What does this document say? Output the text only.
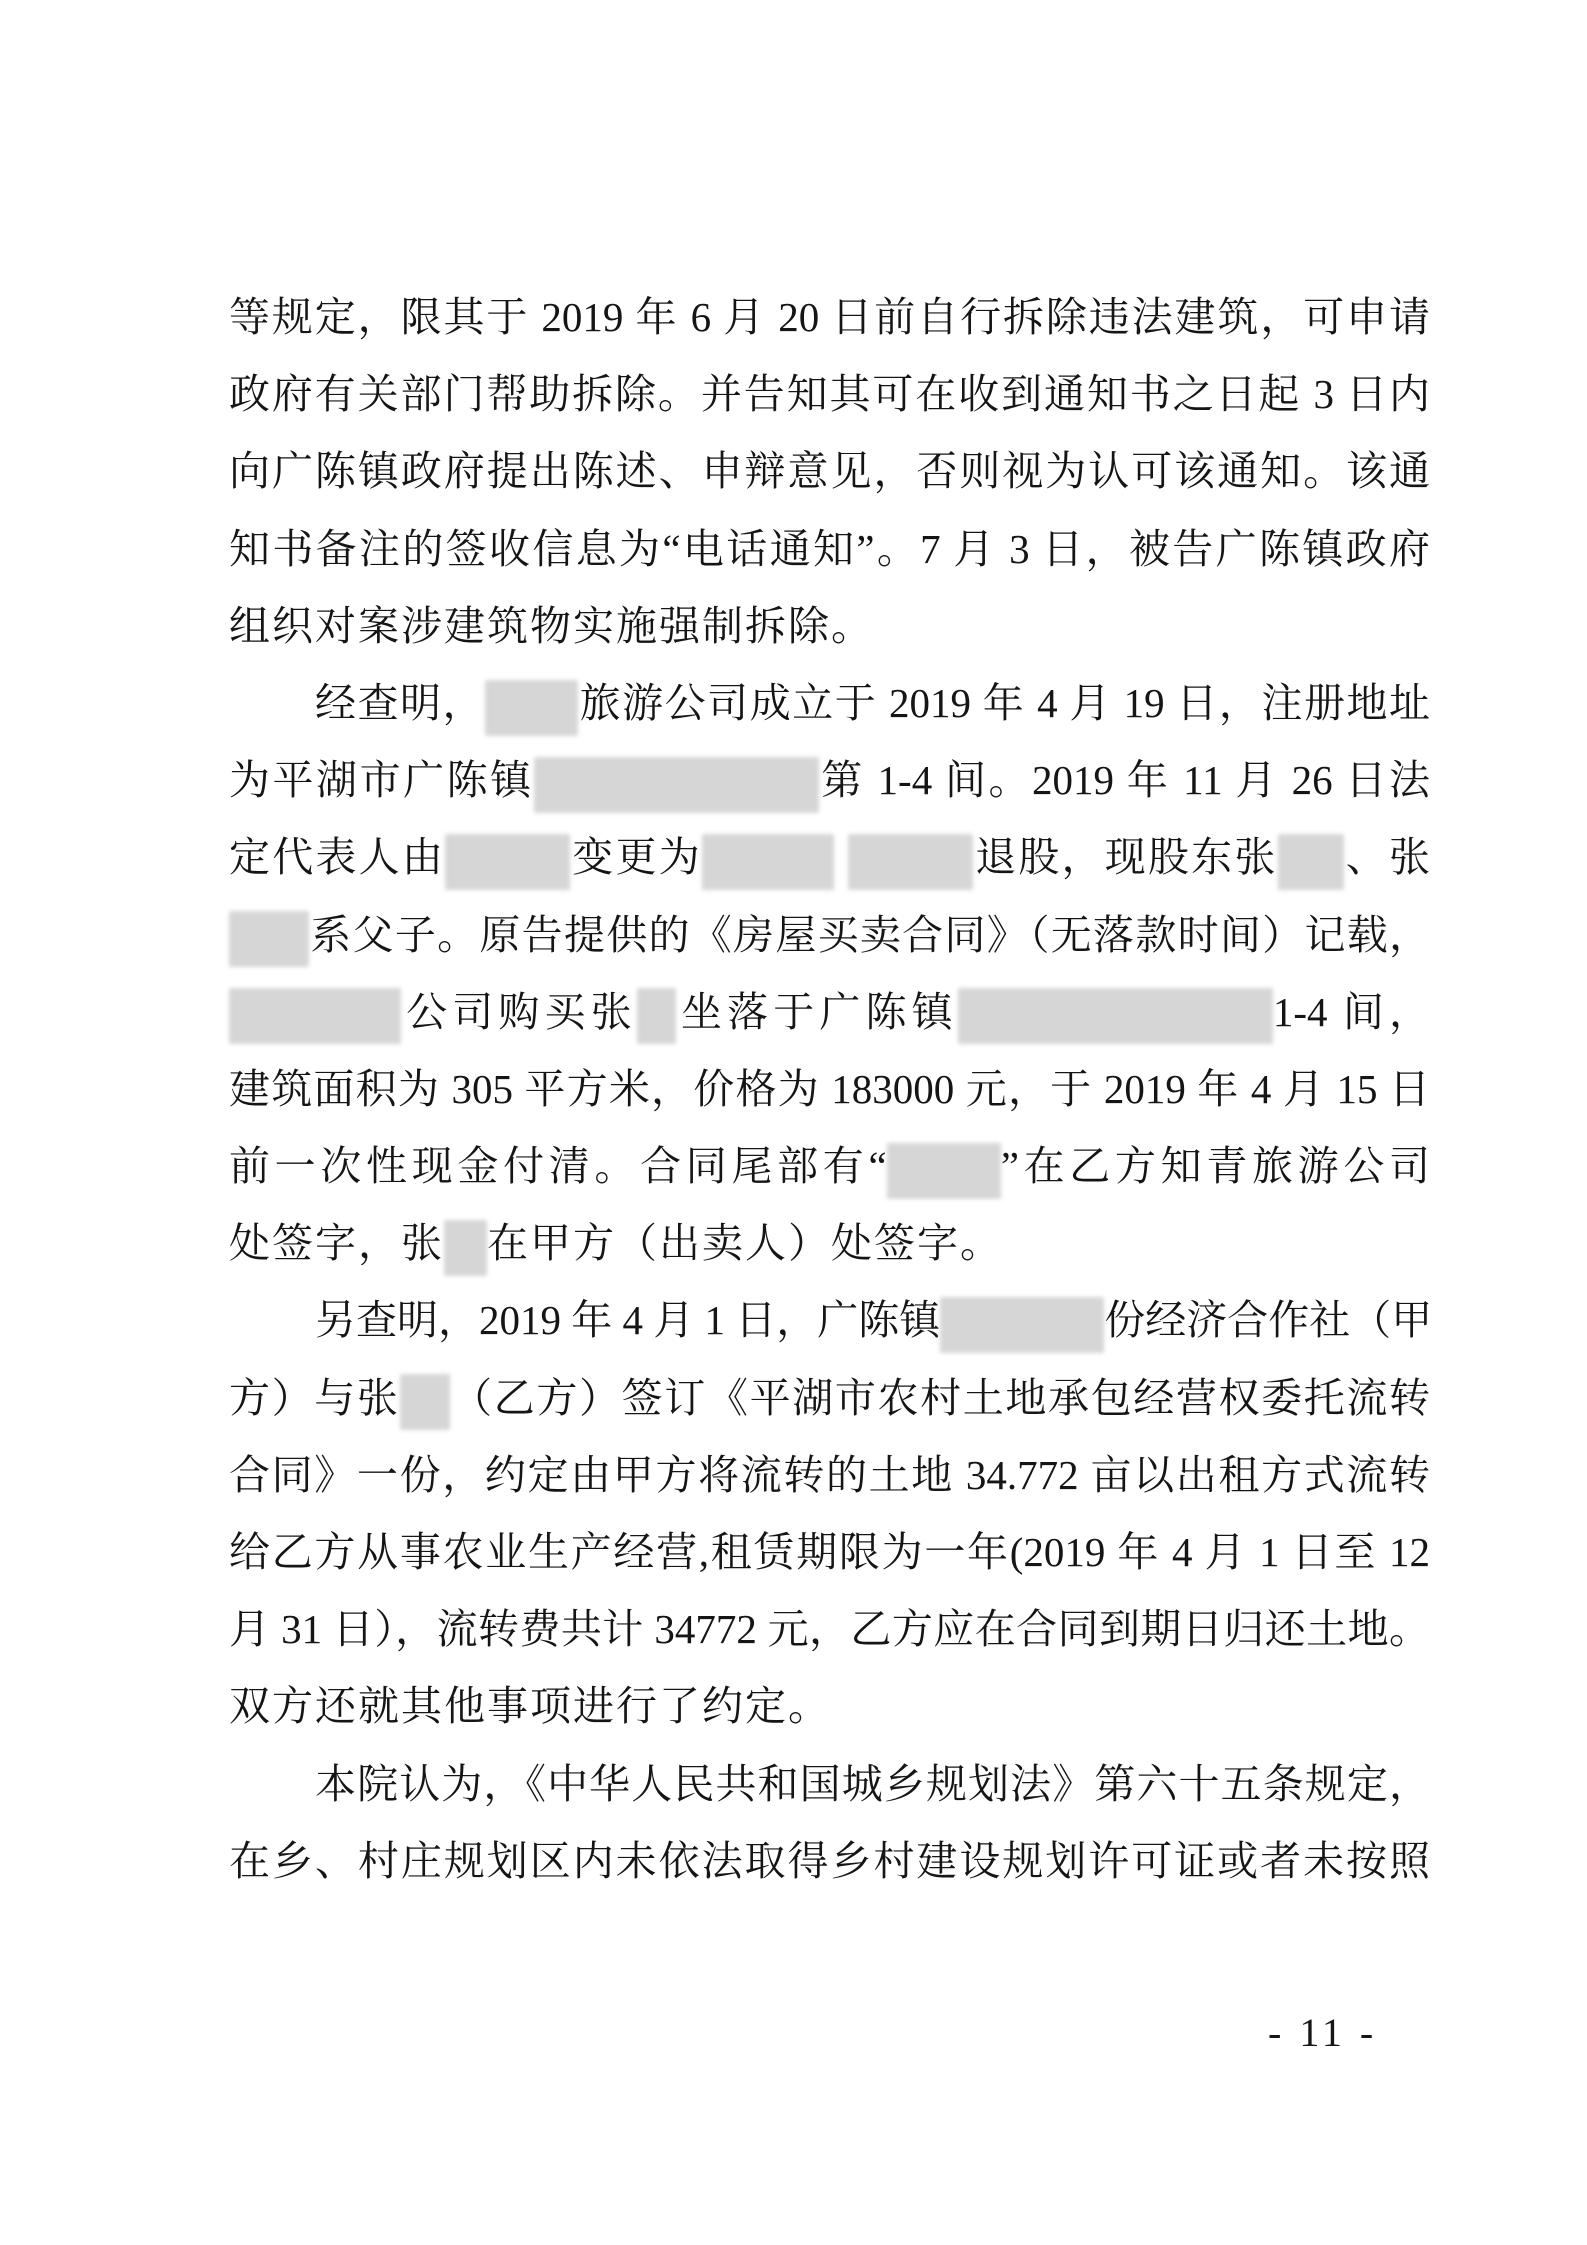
等规定，限其于 2019 年 6 月 20 日前自行拆除违法建筑，可申请
政府有关部门帮助拆除。并告知其可在收到通知书之日起 3 日内
向广陈镇政府提出陈述、申辩意见，否则视为认可该通知。该通
知书备注的签收信息为“电话通知”。7 月 3 日，被告广陈镇政府
组织对案涉建筑物实施强制拆除。
经查明， 旅游公司成立于 2019 年 4 月 19 日，注册地址
为平湖市广陈镇	第 1-4 间。2019 年 11 月 26 日法
定代表人由	变更为	退股，现股东张 、张
系父子。原告提供的《房屋买卖合同》（无落款时间）记载，
公司购买张 坐落于广陈镇	1-4 间，
建筑面积为 305 平方米，价格为 183000 元，于 2019 年 4 月 15 日
前一次性现金付清。合同尾部有“	”在乙方知青旅游公司
处签字，张 在甲方（出卖人）处签字。
另查明，2019 年 4 月 1 日，广陈镇	份经济合作社（甲
方）与张 （乙方）签订《平湖市农村土地承包经营权委托流转
合同》一份，约定由甲方将流转的土地 34.772 亩以出租方式流转
给乙方从事农业生产经营,租赁期限为一年(2019 年 4 月 1 日至 12
月 31 日），流转费共计 34772 元，乙方应在合同到期日归还土地。
双方还就其他事项进行了约定。
本院认为，《中华人民共和国城乡规划法》第六十五条规定，
在乡、村庄规划区内未依法取得乡村建设规划许可证或者未按照
- 11 -
